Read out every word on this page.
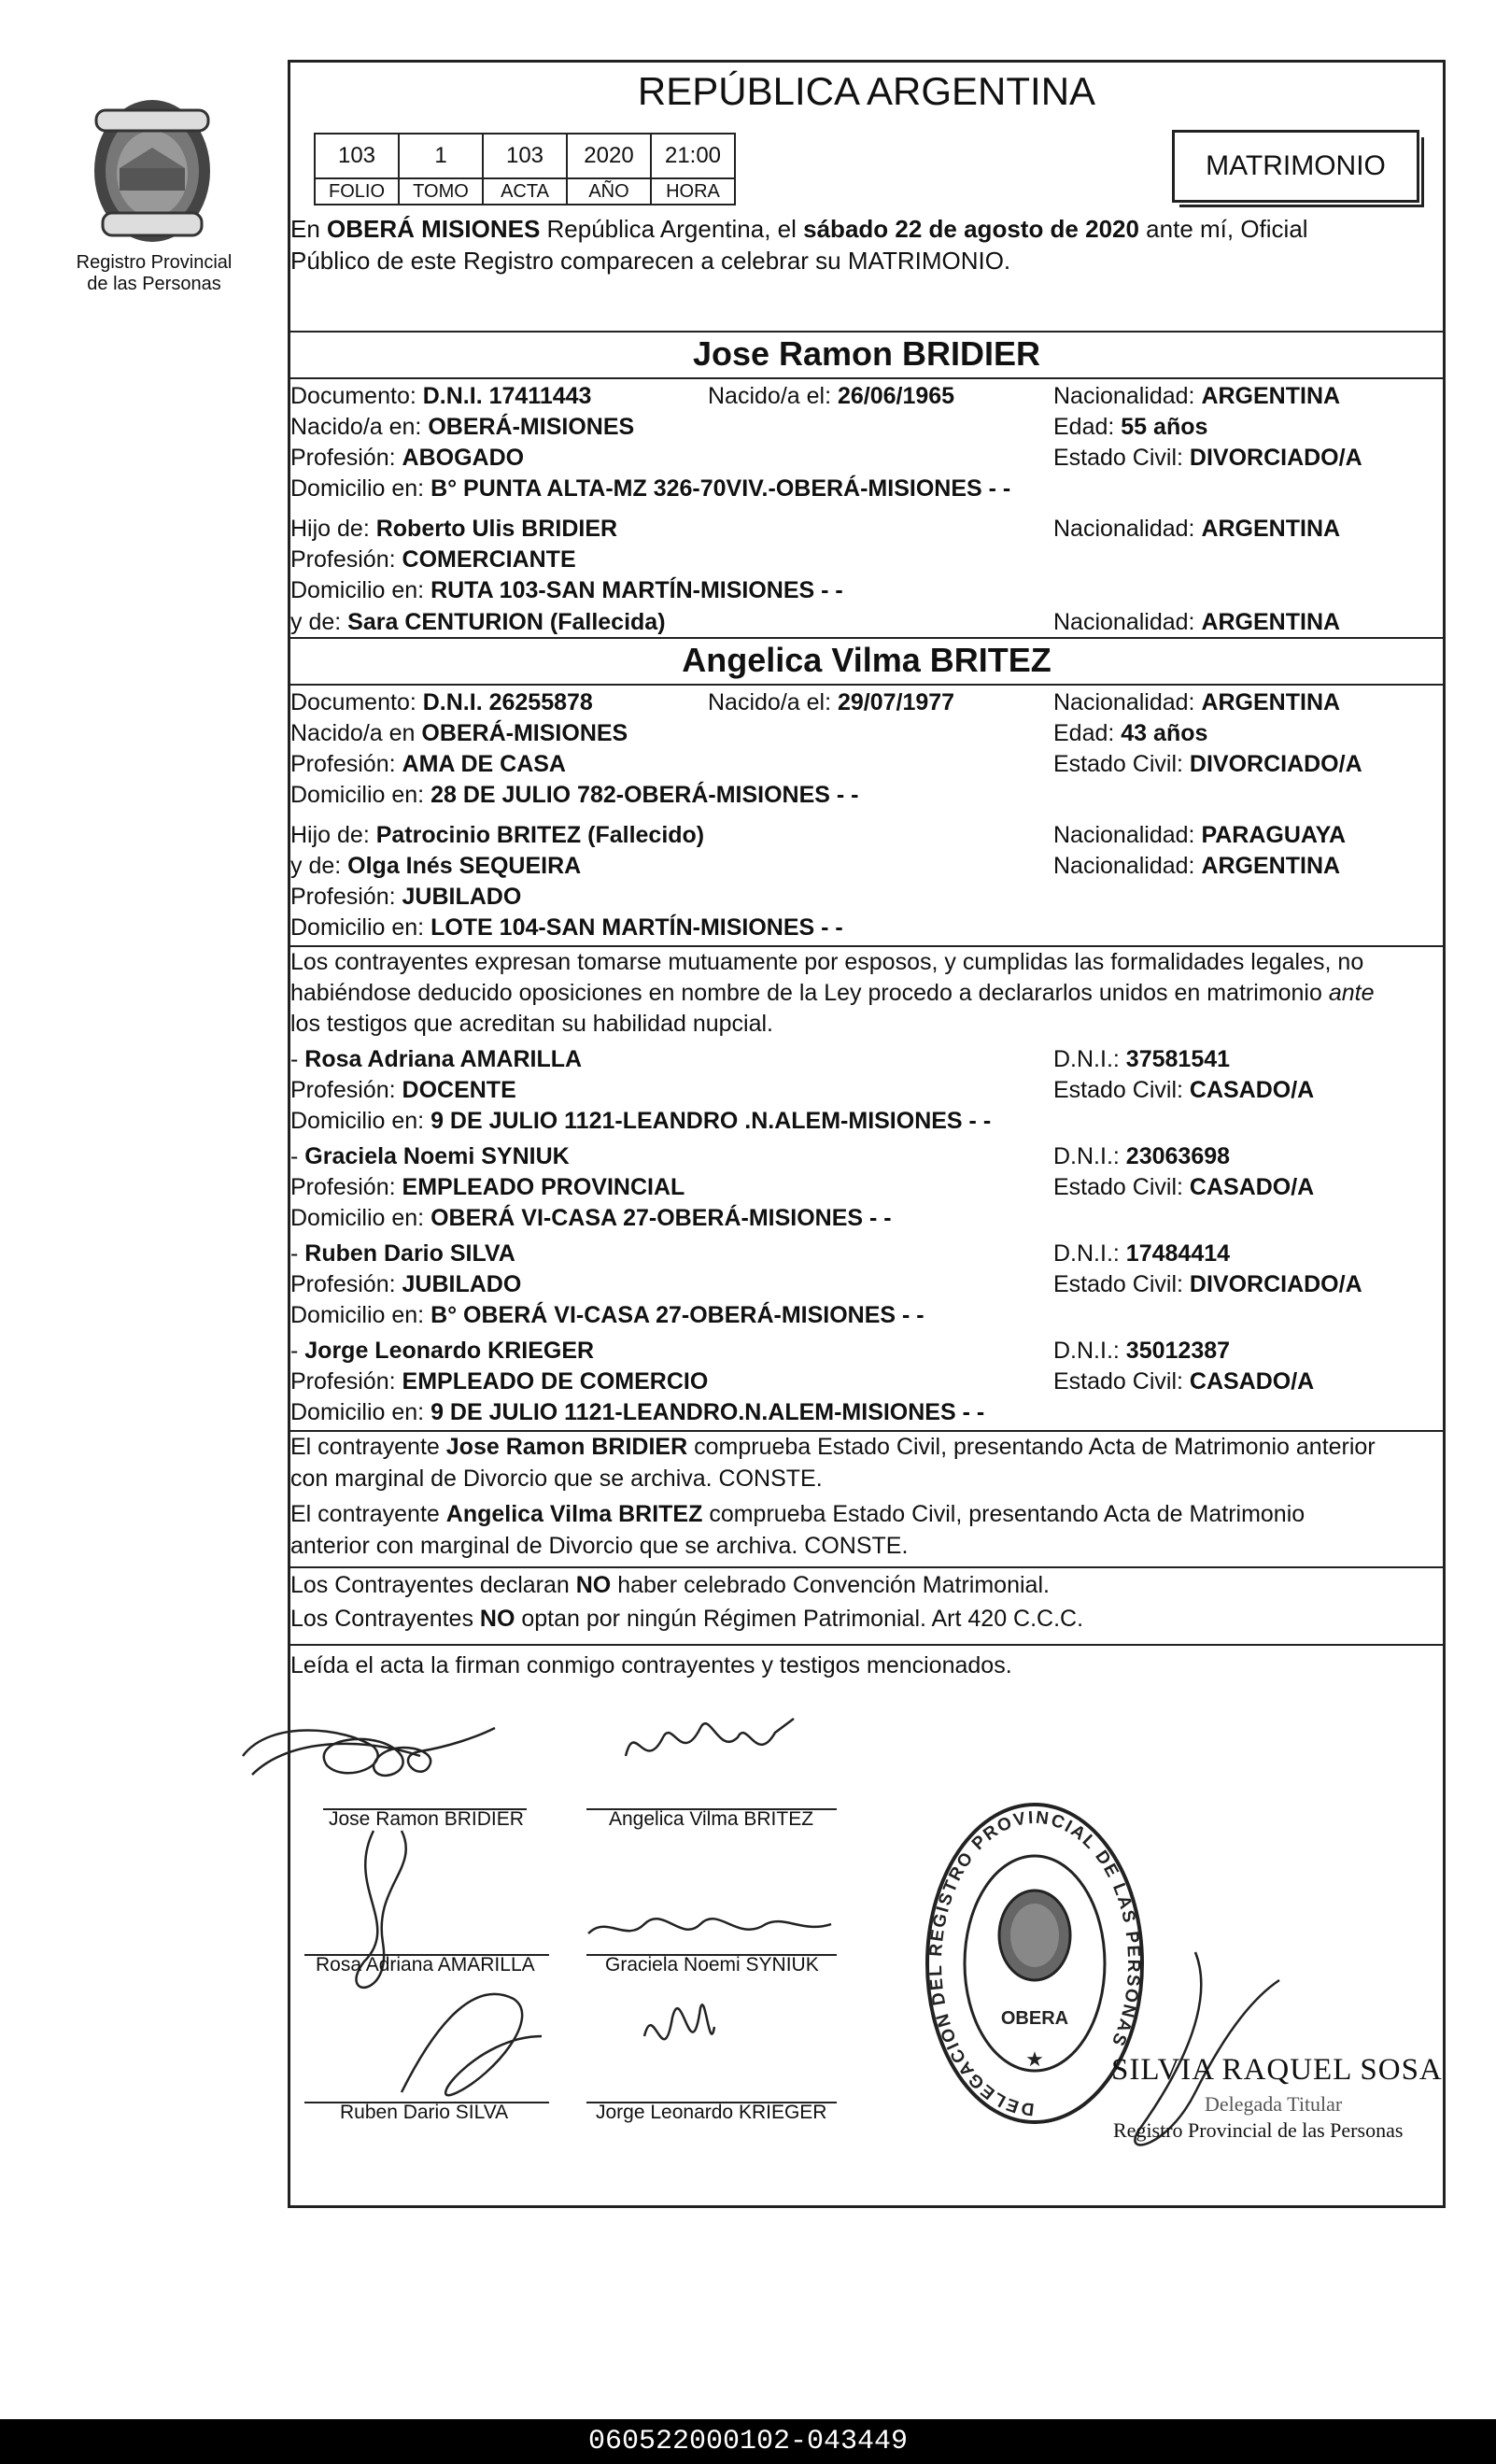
Registro Provincial
de las Personas
REPÚBLICA ARGENTINA
103	1	103	2020	21:00
FOLIO	TOMO	ACTA	AÑO	HORA
MATRIMONIO
En OBERÁ MISIONES República Argentina, el sábado 22 de agosto de 2020 ante mí, Oficial
Público de este Registro comparecen a celebrar su MATRIMONIO.
Jose Ramon BRIDIER
Documento: D.N.I. 17411443	Nacido/a el: 26/06/1965	Nacionalidad: ARGENTINA
Nacido/a en: OBERÁ-MISIONES	Edad: 55 años
Profesión: ABOGADO	Estado Civil: DIVORCIADO/A
Domicilio en: B° PUNTA ALTA-MZ 326-70VIV.-OBERÁ-MISIONES - -
Hijo de: Roberto Ulis BRIDIER	Nacionalidad: ARGENTINA
Profesión: COMERCIANTE
Domicilio en: RUTA 103-SAN MARTÍN-MISIONES - -
y de: Sara CENTURION (Fallecida)	Nacionalidad: ARGENTINA
Angelica Vilma BRITEZ
Documento: D.N.I. 26255878	Nacido/a el: 29/07/1977	Nacionalidad: ARGENTINA
Nacido/a en OBERÁ-MISIONES	Edad: 43 años
Profesión: AMA DE CASA	Estado Civil: DIVORCIADO/A
Domicilio en: 28 DE JULIO 782-OBERÁ-MISIONES - -
Hijo de: Patrocinio BRITEZ (Fallecido)	Nacionalidad: PARAGUAYA
y de: Olga Inés SEQUEIRA	Nacionalidad: ARGENTINA
Profesión: JUBILADO
Domicilio en: LOTE 104-SAN MARTÍN-MISIONES - -
Los contrayentes expresan tomarse mutuamente por esposos, y cumplidas las formalidades legales, no
habiéndose deducido oposiciones en nombre de la Ley procedo a declararlos unidos en matrimonio ante
los testigos que acreditan su habilidad nupcial.
- Rosa Adriana AMARILLA	D.N.I.: 37581541
Profesión: DOCENTE	Estado Civil: CASADO/A
Domicilio en: 9 DE JULIO 1121-LEANDRO .N.ALEM-MISIONES - -
- Graciela Noemi SYNIUK	D.N.I.: 23063698
Profesión: EMPLEADO PROVINCIAL	Estado Civil: CASADO/A
Domicilio en: OBERÁ VI-CASA 27-OBERÁ-MISIONES - -
- Ruben Dario SILVA	D.N.I.: 17484414
Profesión: JUBILADO	Estado Civil: DIVORCIADO/A
Domicilio en: B° OBERÁ VI-CASA 27-OBERÁ-MISIONES - -
- Jorge Leonardo KRIEGER	D.N.I.: 35012387
Profesión: EMPLEADO DE COMERCIO	Estado Civil: CASADO/A
Domicilio en: 9 DE JULIO 1121-LEANDRO.N.ALEM-MISIONES - -
El contrayente Jose Ramon BRIDIER comprueba Estado Civil, presentando Acta de Matrimonio anterior
con marginal de Divorcio que se archiva. CONSTE.
El contrayente Angelica Vilma BRITEZ comprueba Estado Civil, presentando Acta de Matrimonio
anterior con marginal de Divorcio que se archiva. CONSTE.
Los Contrayentes declaran NO haber celebrado Convención Matrimonial.
Los Contrayentes NO optan por ningún Régimen Patrimonial. Art 420 C.C.C.
Leída el acta la firman conmigo contrayentes y testigos mencionados.
Jose Ramon BRIDIER	Angelica Vilma BRITEZ
Rosa Adriana AMARILLA	Graciela Noemi SYNIUK
Ruben Dario SILVA	Jorge Leonardo KRIEGER	DELEGACION DEL REGISTRO PROVINCIAL DE LAS PERSONAS
OBERA
★ SILVIA RAQUEL SOSA
Delegada Titular
Registro Provincial de las Personas
060522000102-043449
